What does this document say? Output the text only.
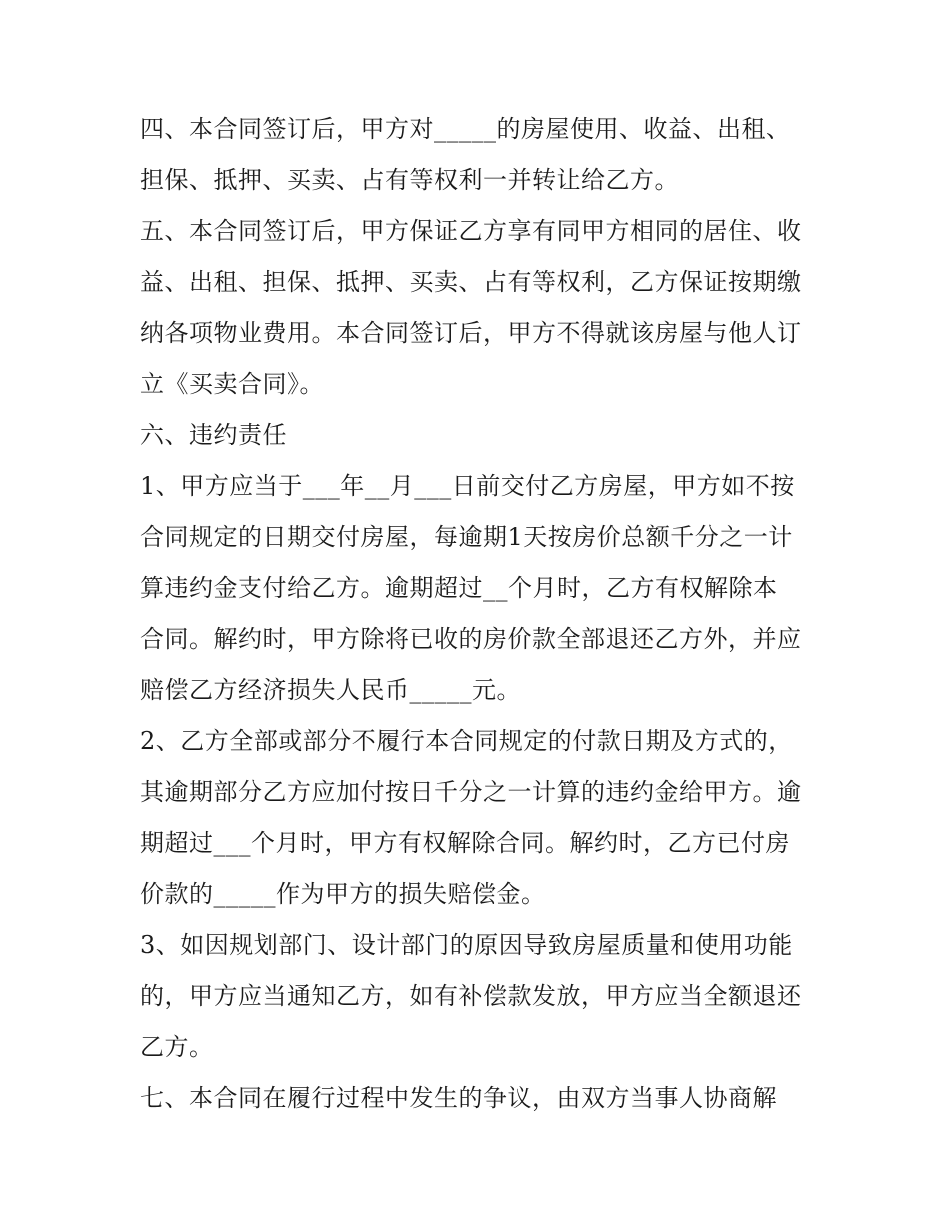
四、本合同签订后，甲方对_____的房屋使用、收益、出租、
担保、抵押、买卖、占有等权利一并转让给乙方。
五、本合同签订后，甲方保证乙方享有同甲方相同的居住、收
益、出租、担保、抵押、买卖、占有等权利，乙方保证按期缴
纳各项物业费用。本合同签订后，甲方不得就该房屋与他人订
立《买卖合同》。
六、违约责任
1、甲方应当于___年__月___日前交付乙方房屋，甲方如不按
合同规定的日期交付房屋，每逾期1天按房价总额千分之一计
算违约金支付给乙方。逾期超过__个月时，乙方有权解除本
合同。解约时，甲方除将已收的房价款全部退还乙方外，并应
赔偿乙方经济损失人民币_____元。
2、乙方全部或部分不履行本合同规定的付款日期及方式的，
其逾期部分乙方应加付按日千分之一计算的违约金给甲方。逾
期超过___个月时，甲方有权解除合同。解约时，乙方已付房
价款的_____作为甲方的损失赔偿金。
3、如因规划部门、设计部门的原因导致房屋质量和使用功能
的，甲方应当通知乙方，如有补偿款发放，甲方应当全额退还
乙方。
七、本合同在履行过程中发生的争议，由双方当事人协商解
